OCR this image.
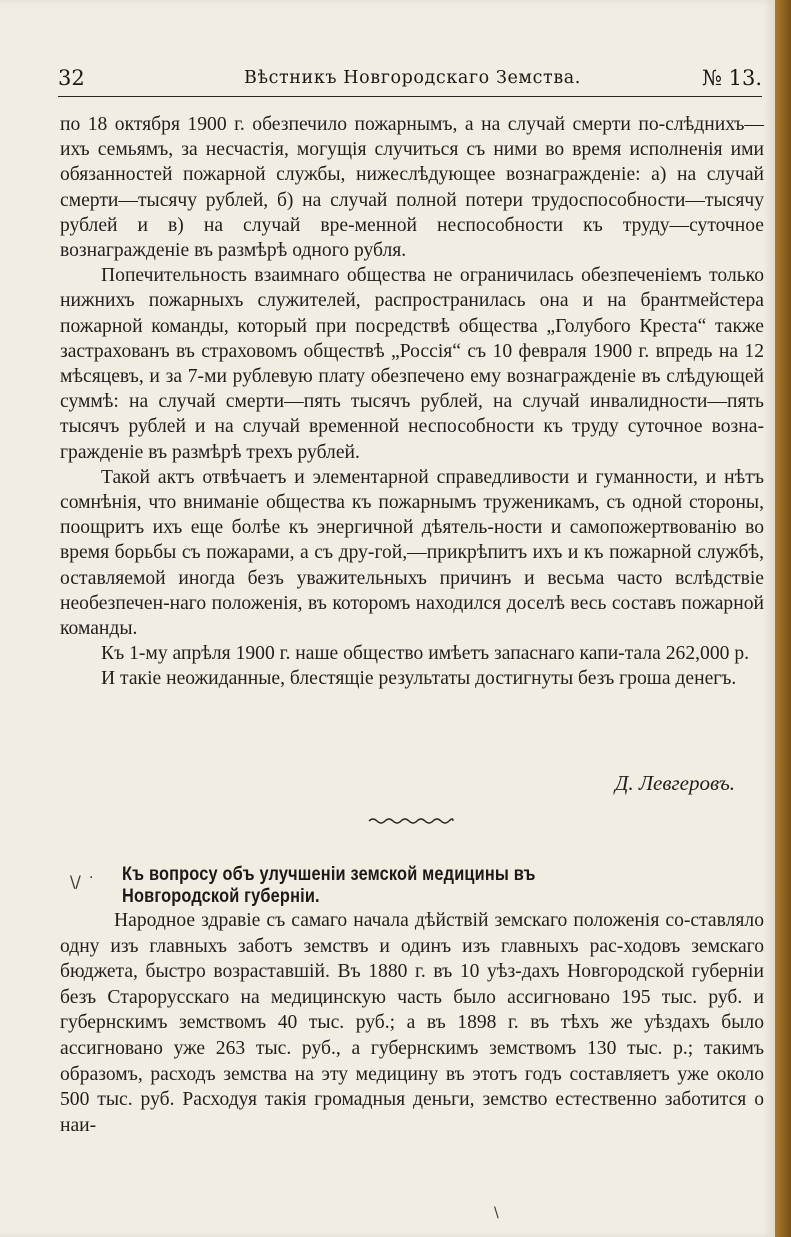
32	Вѣстникъ Новгородскаго Земства.	№ 13.

по 18 октября 1900 г. обезпечило пожарнымъ, а на случай смерти по-слѣднихъ—ихъ семьямъ, за несчастія, могущія случиться съ ними во время исполненія ими обязанностей пожарной службы, нижеслѣдующее вознагражденіе: а) на случай смерти—тысячу рублей, б) на случай полной потери трудоспособности—тысячу рублей и в) на случай вре-менной неспособности къ труду—суточное вознагражденіе въ размѣрѣ одного рубля.

Попечительность взаимнаго общества не ограничилась обезпеченіемъ только нижнихъ пожарныхъ служителей, распространилась она и на брантмейстера пожарной команды, который при посредствѣ общества „Голубого Креста“ также застрахованъ въ страховомъ обществѣ „Россія“ съ 10 февраля 1900 г. впредь на 12 мѣсяцевъ, и за 7-ми рублевую плату обезпечено ему вознагражденіе въ слѣдующей суммѣ: на случай смерти—пять тысячъ рублей, на случай инвалидности—пять тысячъ рублей и на случай временной неспособности къ труду суточное возна-гражденіе въ размѣрѣ трехъ рублей.

Такой актъ отвѣчаетъ и элементарной справедливости и гуманности, и нѣтъ сомнѣнія, что вниманіе общества къ пожарнымъ труженикамъ, съ одной стороны, поощритъ ихъ еще болѣе къ энергичной дѣятель-ности и самопожертвованію во время борьбы съ пожарами, а съ дру-гой,—прикрѣпитъ ихъ и къ пожарной службѣ, оставляемой иногда безъ уважительныхъ причинъ и весьма часто вслѣдствіе необезпечен-наго положенія, въ которомъ находился доселѣ весь составъ пожарной команды.

Къ 1-му апрѣля 1900 г. наше общество имѣетъ запаснаго капи-тала 262,000 р.

И такіе неожиданные, блестящіе результаты достигнуты безъ гроша денегъ.

Д. Левгеровъ.
\/ · Къ вопросу объ улучшеніи земской медицины въ Новгородской губерніи.

Народное здравіе съ самаго начала дѣйствій земскаго положенія со-ставляло одну изъ главныхъ заботъ земствъ и одинъ изъ главныхъ рас-ходовъ земскаго бюджета, быстро возраставшій. Въ 1880 г. въ 10 уѣз-дахъ Новгородской губерніи безъ Старорусскаго на медицинскую часть было ассигновано 195 тыс. руб. и губернскимъ земствомъ 40 тыс. руб.; а въ 1898 г. въ тѣхъ же уѣздахъ было ассигновано уже 263 тыс. руб., а губернскимъ земствомъ 130 тыс. р.; такимъ образомъ, расходъ земства на эту медицину въ этотъ годъ составляетъ уже около 500 тыс. руб. Расходуя такія громадныя деньги, земство естественно заботится о наи-

\
